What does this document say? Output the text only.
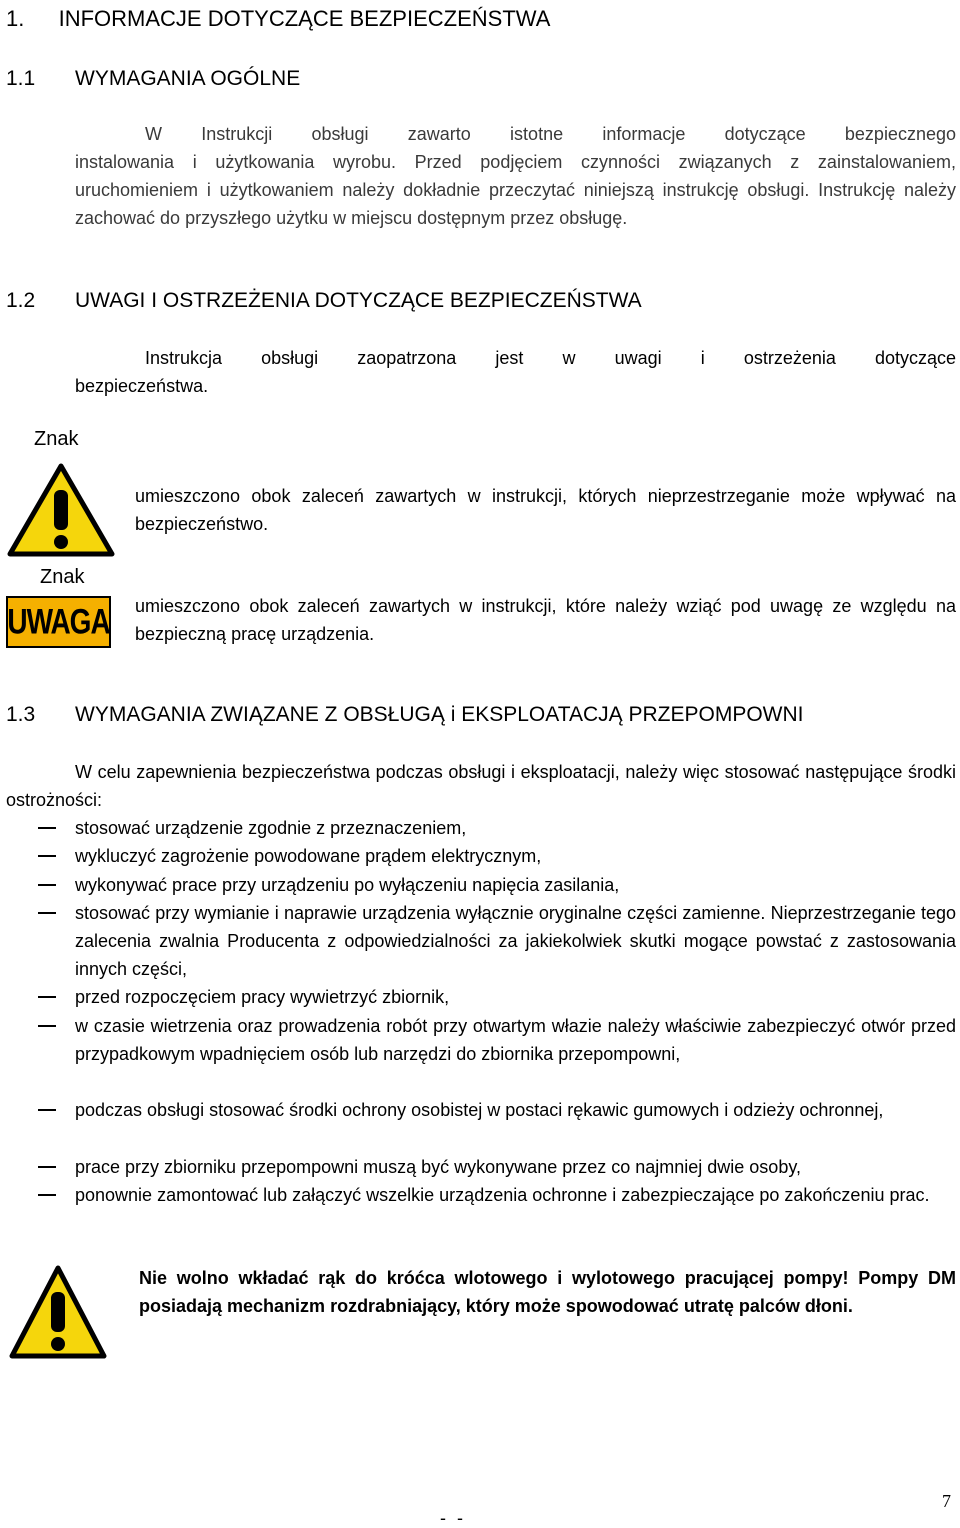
1. INFORMACJE DOTYCZĄCE BEZPIECZEŃSTWA
1.1 WYMAGANIA OGÓLNE
W Instrukcji obsługi zawarto istotne informacje dotyczące bezpiecznego
instalowania i użytkowania wyrobu. Przed podjęciem czynności związanych z zainstalowaniem, uruchomieniem i użytkowaniem należy dokładnie przeczytać niniejszą instrukcję obsługi. Instrukcję należy zachować do przyszłego użytku w miejscu dostępnym przez obsługę.
1.2 UWAGI I OSTRZEŻENIA DOTYCZĄCE BEZPIECZEŃSTWA
Instrukcja obsługi zaopatrzona jest w uwagi i ostrzeżenia dotyczące
bezpieczeństwa.
Znak
umieszczono obok zaleceń zawartych w instrukcji, których nieprzestrzeganie może wpływać na bezpieczeństwo.
Znak
UWAGA umieszczono obok zaleceń zawartych w instrukcji, które należy wziąć pod uwagę ze względu na bezpieczną pracę urządzenia.
1.3 WYMAGANIA ZWIĄZANE Z OBSŁUGĄ i EKSPLOATACJĄ PRZEPOMPOWNI
W celu zapewnienia bezpieczeństwa podczas obsługi i eksploatacji, należy więc stosować następujące środki ostrożności:
stosować urządzenie zgodnie z przeznaczeniem,
wykluczyć zagrożenie powodowane prądem elektrycznym,
wykonywać prace przy urządzeniu po wyłączeniu napięcia zasilania,
stosować przy wymianie i naprawie urządzenia wyłącznie oryginalne części zamienne. Nieprzestrzeganie tego zalecenia zwalnia Producenta z odpowiedzialności za jakiekolwiek skutki mogące powstać z zastosowania innych części,
przed rozpoczęciem pracy wywietrzyć zbiornik,
w czasie wietrzenia oraz prowadzenia robót przy otwartym włazie należy właściwie zabezpieczyć otwór przed przypadkowym wpadnięciem osób lub narzędzi do zbiornika przepompowni,
podczas obsługi stosować środki ochrony osobistej w postaci rękawic gumowych i odzieży ochronnej,
prace przy zbiorniku przepompowni muszą być wykonywane przez co najmniej dwie osoby,
ponownie zamontować lub załączyć wszelkie urządzenia ochronne i zabezpieczające po zakończeniu prac.
Nie wolno wkładać rąk do króćca wlotowego i wylotowego pracującej pompy! Pompy DM posiadają mechanizm rozdrabniający, który może spowodować utratę palców dłoni.
7
- -
